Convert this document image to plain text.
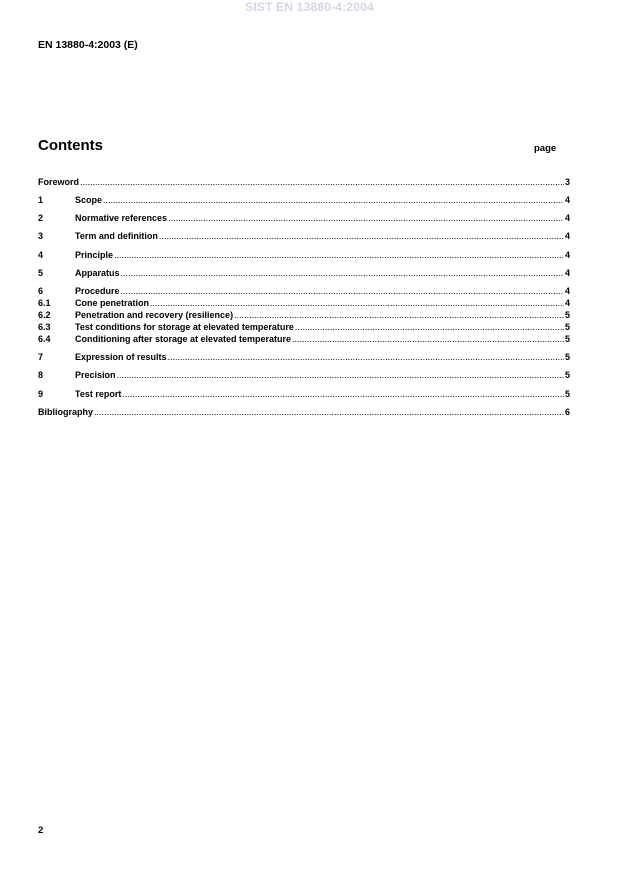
SIST EN 13880-4:2004
EN 13880-4:2003 (E)
Contents	page
Foreword .....	3
1	Scope .....	4
2	Normative references .....	4
3	Term and definition .....	4
4	Principle .....	4
5	Apparatus .....	4
6	Procedure .....	4
6.1	Cone penetration .....	4
6.2	Penetration and recovery (resilience) .....	5
6.3	Test conditions for storage at elevated temperature .....	5
6.4	Conditioning after storage at elevated temperature .....	5
7	Expression of results .....	5
8	Precision .....	5
9	Test report .....	5
Bibliography .....	6
2
